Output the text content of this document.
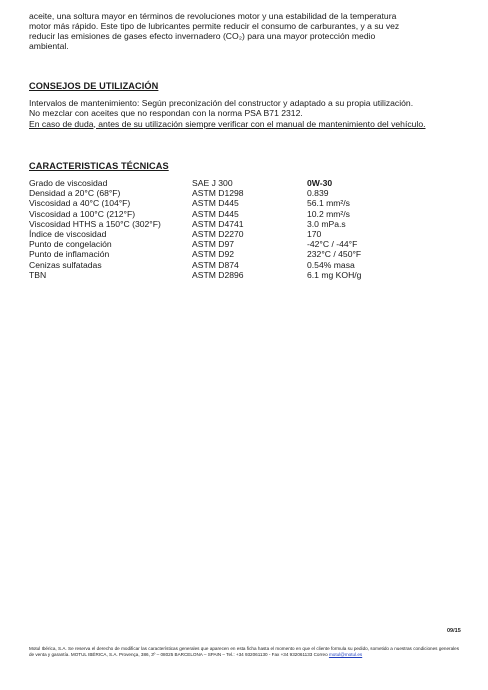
aceite, una soltura mayor en términos de revoluciones motor y una estabilidad de la temperatura
motor más rápido. Este tipo de lubricantes permite reducir el consumo de carburantes, y a su vez
reducir las emisiones de gases efecto invernadero (CO₂) para una mayor protección medio
ambiental.
CONSEJOS DE UTILIZACIÓN
Intervalos de mantenimiento: Según preconización del constructor y adaptado a su propia utilización.
No mezclar con aceites que no respondan con la norma PSA B71 2312.
En caso de duda, antes de su utilización siempre verificar con el manual de mantenimiento del vehículo.
CARACTERISTICAS TÉCNICAS
Grado de viscosidad	SAE J 300	0W-30
Densidad a 20°C (68°F)	ASTM D1298	0.839
Viscosidad a 40°C (104°F)	ASTM D445	56.1 mm²/s
Viscosidad a 100°C (212°F)	ASTM D445	10.2 mm²/s
Viscosidad HTHS a 150°C (302°F)	ASTM D4741	3.0 mPa.s
Índice de viscosidad	ASTM D2270	170
Punto de congelación	ASTM D97	-42°C / -44°F
Punto de inflamación	ASTM D92	232°C / 450°F
Cenizas sulfatadas	ASTM D874	0.54% masa
TBN	ASTM D2896	6.1 mg KOH/g
09/15
Motul Ibérica, S.A. Se reserva el derecho de modificar las características generales que aparecen en esta ficha hasta el momento en que el cliente formula su pedido, sometido a nuestras condiciones generales de venta y garantía. MOTUL IBÉRICA, S.A. Provença, 386, 3º – 08025 BARCELONA – SPAIN – Tel.: +34 932061130 - Fax +34 932061133 Correo motul@motul.es
